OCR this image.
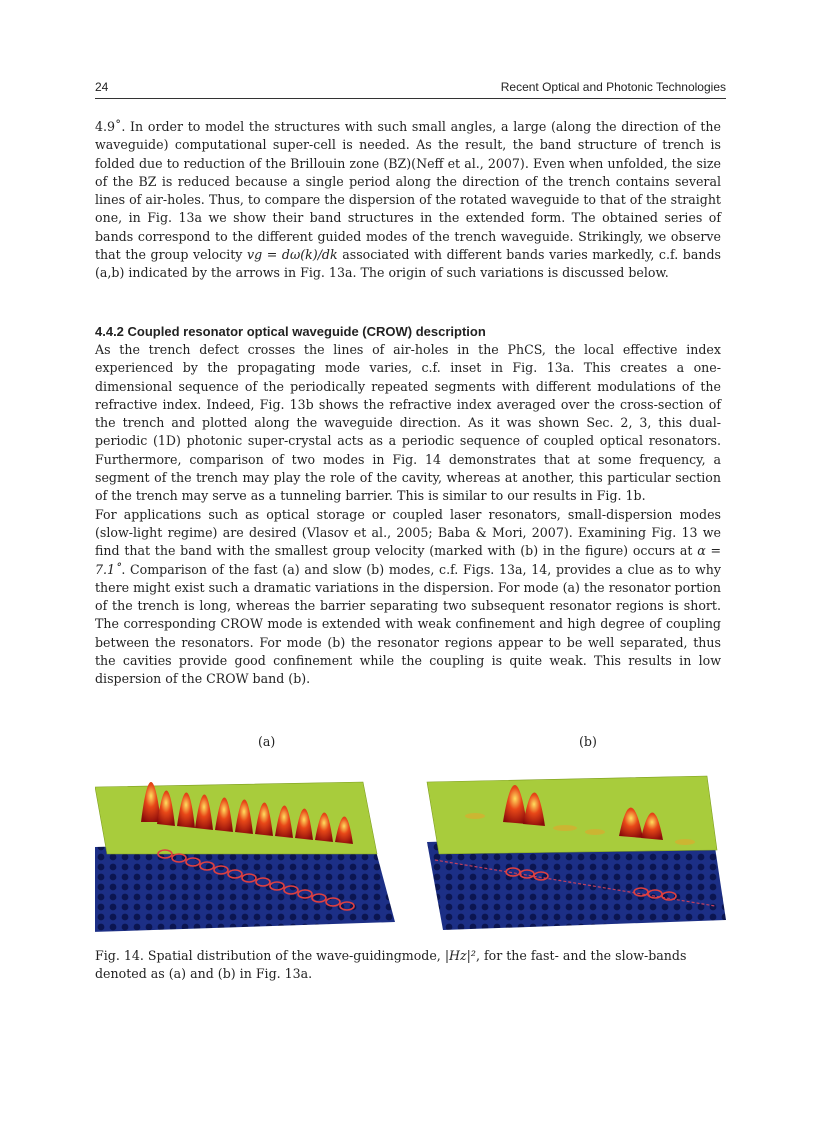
24	Recent Optical and Photonic Technologies

4.9˚. In order to model the structures with such small angles, a large (along the direction of the waveguide) computational super-cell is needed. As the result, the band structure of trench is folded due to reduction of the Brillouin zone (BZ)(Neff et al., 2007). Even when unfolded, the size of the BZ is reduced because a single period along the direction of the trench contains several lines of air-holes. Thus, to compare the dispersion of the rotated waveguide to that of the straight one, in Fig. 13a we show their band structures in the extended form. The obtained series of bands correspond to the different guided modes of the trench waveguide. Strikingly, we observe that the group velocity vg = dω(k)/dk associated with different bands varies markedly, c.f. bands (a,b) indicated by the arrows in Fig. 13a. The origin of such variations is discussed below.

4.4.2 Coupled resonator optical waveguide (CROW) description

As the trench defect crosses the lines of air-holes in the PhCS, the local effective index experienced by the propagating mode varies, c.f. inset in Fig. 13a. This creates a one-dimensional sequence of the periodically repeated segments with different modulations of the refractive index. Indeed, Fig. 13b shows the refractive index averaged over the cross-section of the trench and plotted along the waveguide direction. As it was shown Sec. 2, 3, this dual-periodic (1D) photonic super-crystal acts as a periodic sequence of coupled optical resonators. Furthermore, comparison of two modes in Fig. 14 demonstrates that at some frequency, a segment of the trench may play the role of the cavity, whereas at another, this particular section of the trench may serve as a tunneling barrier. This is similar to our results in Fig. 1b.

For applications such as optical storage or coupled laser resonators, small-dispersion modes (slow-light regime) are desired (Vlasov et al., 2005; Baba & Mori, 2007). Examining Fig. 13 we find that the band with the smallest group velocity (marked with (b) in the figure) occurs at α = 7.1˚. Comparison of the fast (a) and slow (b) modes, c.f. Figs. 13a, 14, provides a clue as to why there might exist such a dramatic variations in the dispersion. For mode (a) the resonator portion of the trench is long, whereas the barrier separating two subsequent resonator regions is short. The corresponding CROW mode is extended with weak confinement and high degree of coupling between the resonators. For mode (b) the resonator regions appear to be well separated, thus the cavities provide good confinement while the coupling is quite weak. This results in low dispersion of the CROW band (b).

(a)	(b)
Fig. 14. Spatial distribution of the wave-guidingmode, |Hz|², for the fast- and the slow-bands denoted as (a) and (b) in Fig. 13a.
